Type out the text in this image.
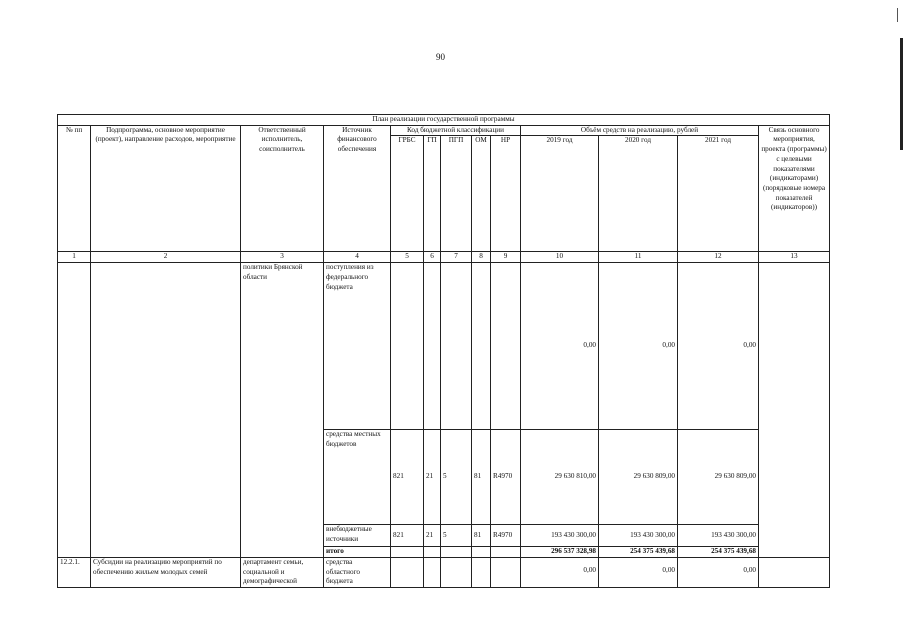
90
План реализации государственной программы												
№ пп	Подпрограмма, основное мероприятие (проект), направление расходов, мероприятие	Ответственный исполнитель, соисполнитель	Источник финансового обеспечения	Код бюджетной классификации					Объём средств на реализацию, рублей			Связь основного мероприятия, проекта (программы) с целевыми показателями (индикаторами) (порядковые номера показателей (индикаторов))
				ГРБС	ГП	ПГП	ОМ	НР	2019 год	2020 год	2021 год	
1	2	3	4	5	6	7	8	9	10	11	12	13
		политики Брянской области	поступления из федерального бюджета						0,00	0,00	0,00	
			средства местных бюджетов	821	21	5	81	R4970	29 630 810,00	29 630 809,00	29 630 809,00	
			внебюджетные источники	821	21	5	81	R4970	193 430 300,00	193 430 300,00	193 430 300,00	
			итого						296 537 328,98	254 375 439,68	254 375 439,68	
12.2.1.	Субсидии на реализацию мероприятий по обеспечению жильем молодых семей	департамент семьи, социальной и демографической	средства областного бюджета						0,00	0,00	0,00	
